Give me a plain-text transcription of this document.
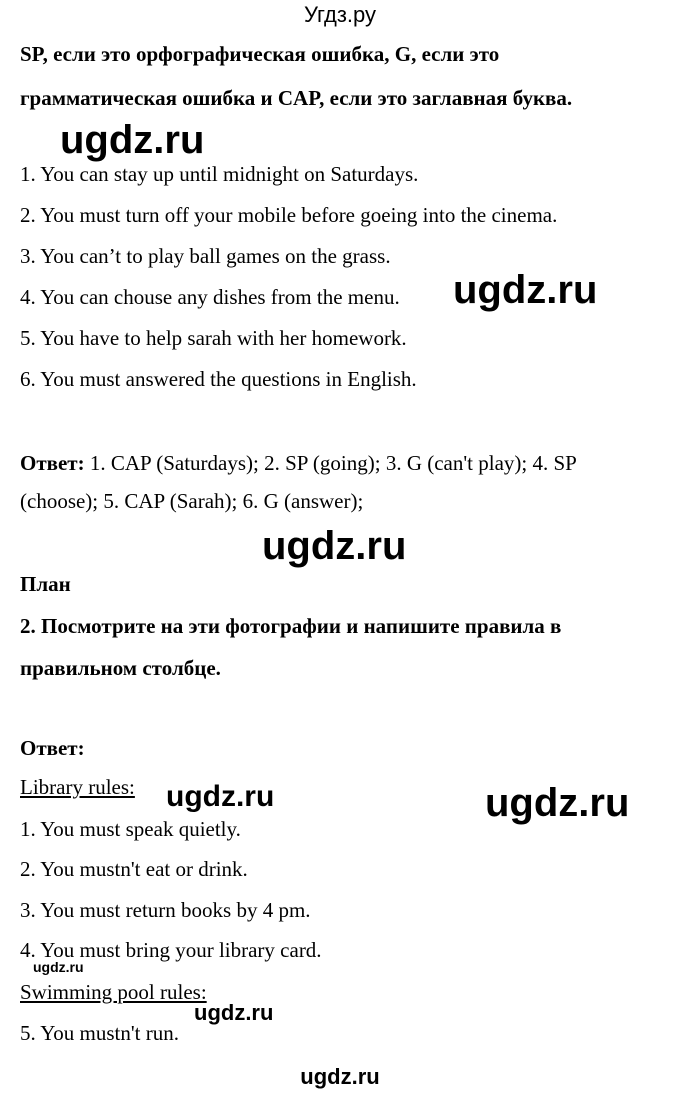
Угдз.ру
SP, если это орфографическая ошибка, G, если это
грамматическая ошибка и CAP, если это заглавная буква.
ugdz.ru
1. You can stay up until midnight on Saturdays.
2. You must turn off your mobile before goeing into the cinema.
3. You can’t to play ball games on the grass.
4. You can chouse any dishes from the menu. ugdz.ru
5. You have to help sarah with her homework.
6. You must answered the questions in English.
Ответ: 1. CAP (Saturdays); 2. SP (going); 3. G (can't play); 4. SP
(choose); 5. CAP (Sarah); 6. G (answer);
ugdz.ru
План
2. Посмотрите на эти фотографии и напишите правила в
правильном столбце.
Ответ:
Library rules: ugdz.ru	ugdz.ru
1. You must speak quietly.
2. You mustn't eat or drink.
3. You must return books by 4 pm.
4. You must bring your library card.
ugdz.ru
Swimming pool rules:
ugdz.ru
5. You mustn't run.
ugdz.ru
